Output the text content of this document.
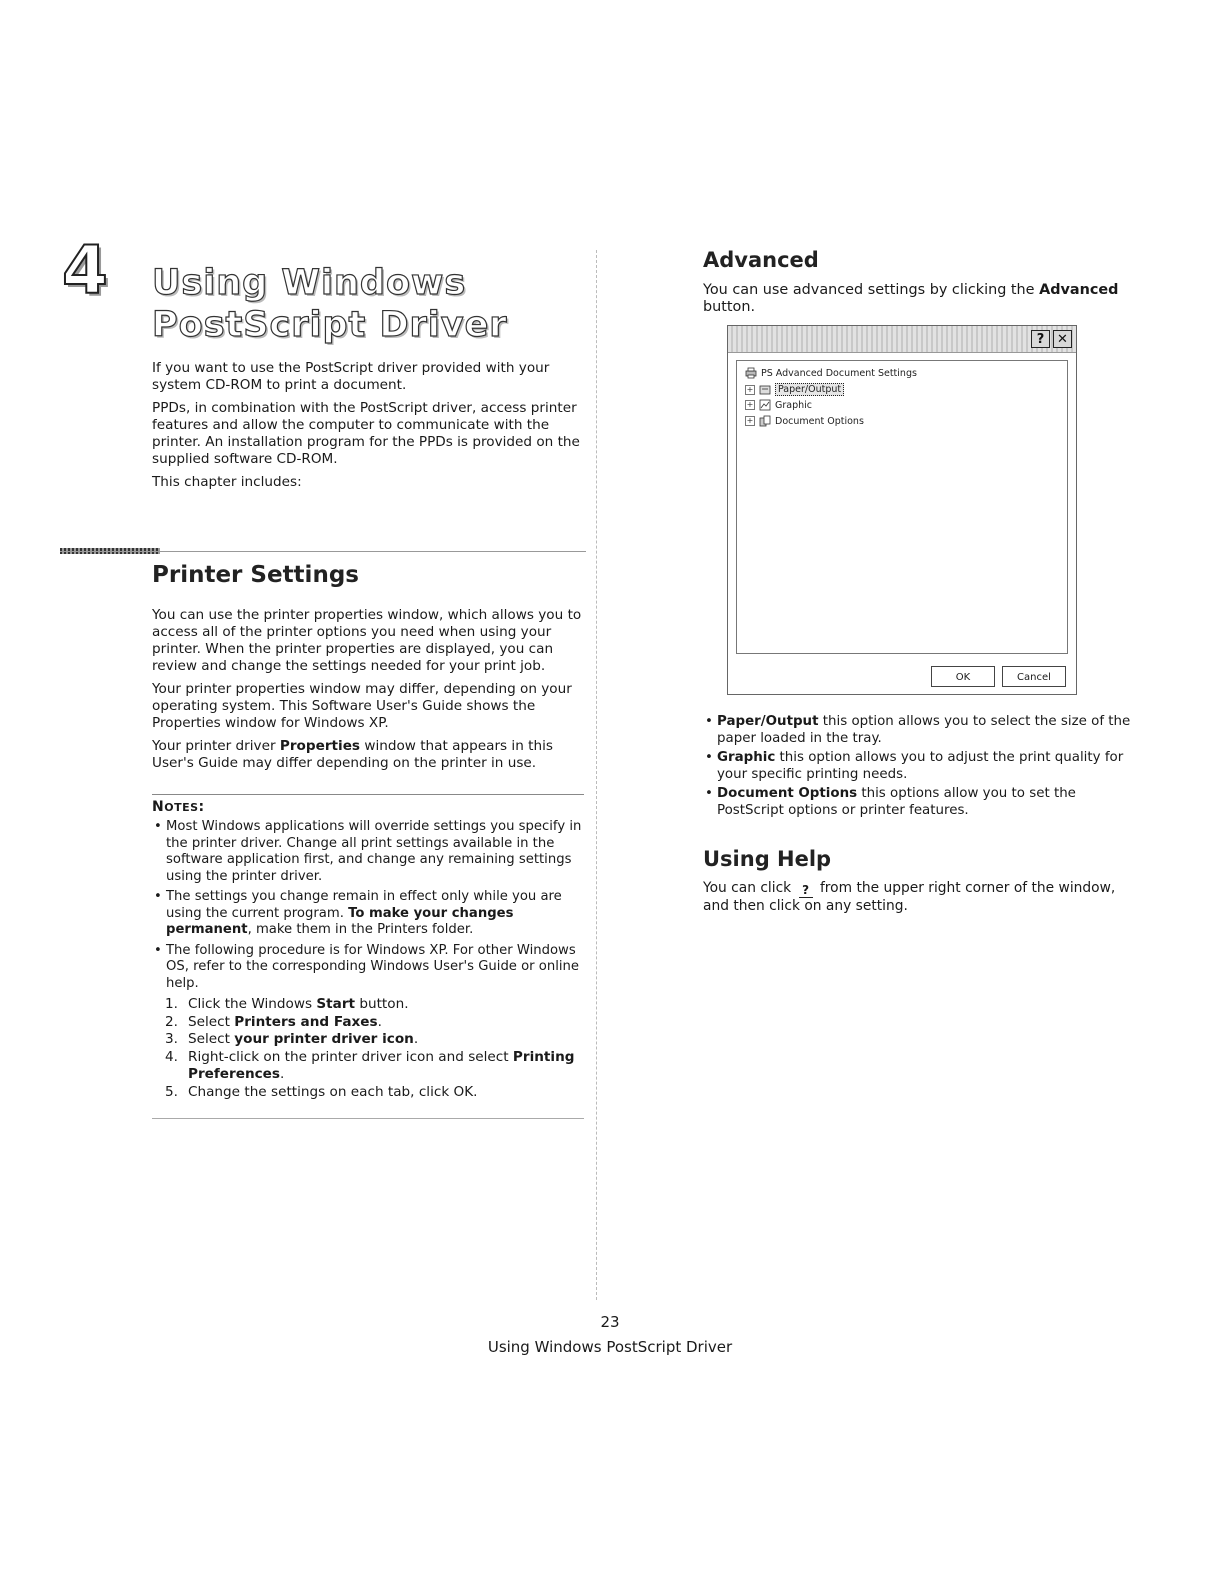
4 Using Windows
PostScript Driver

If you want to use the PostScript driver provided with your system CD-ROM to print a document.

PPDs, in combination with the PostScript driver, access printer features and allow the computer to communicate with the printer. An installation program for the PPDs is provided on the supplied software CD-ROM.

This chapter includes:

Printer Settings

You can use the printer properties window, which allows you to access all of the printer options you need when using your printer. When the printer properties are displayed, you can review and change the settings needed for your print job.

Your printer properties window may differ, depending on your operating system. This Software User's Guide shows the Properties window for Windows XP.

Your printer driver Properties window that appears in this User's Guide may differ depending on the printer in use.

NOTES:
• Most Windows applications will override settings you specify in the printer driver. Change all print settings available in the software application first, and change any remaining settings using the printer driver.
• The settings you change remain in effect only while you are using the current program. To make your changes permanent, make them in the Printers folder.
• The following procedure is for Windows XP. For other Windows OS, refer to the corresponding Windows User's Guide or online help.
1. Click the Windows Start button.
2. Select Printers and Faxes.
3. Select your printer driver icon.
4. Right-click on the printer driver icon and select Printing Preferences.
5. Change the settings on each tab, click OK.
Advanced
You can use advanced settings by clicking the Advanced button.
? ✕
PS Advanced Document Settings
+	Paper/Output
+ Graphic
+ Document Options
OK	Cancel
• Paper/Output this option allows you to select the size of the paper loaded in the tray.
• Graphic this option allows you to adjust the print quality for your specific printing needs.
• Document Options this options allow you to set the PostScript options or printer features.
Using Help
You can click ? from the upper right corner of the window, and then click on any setting.
23
Using Windows PostScript Driver
